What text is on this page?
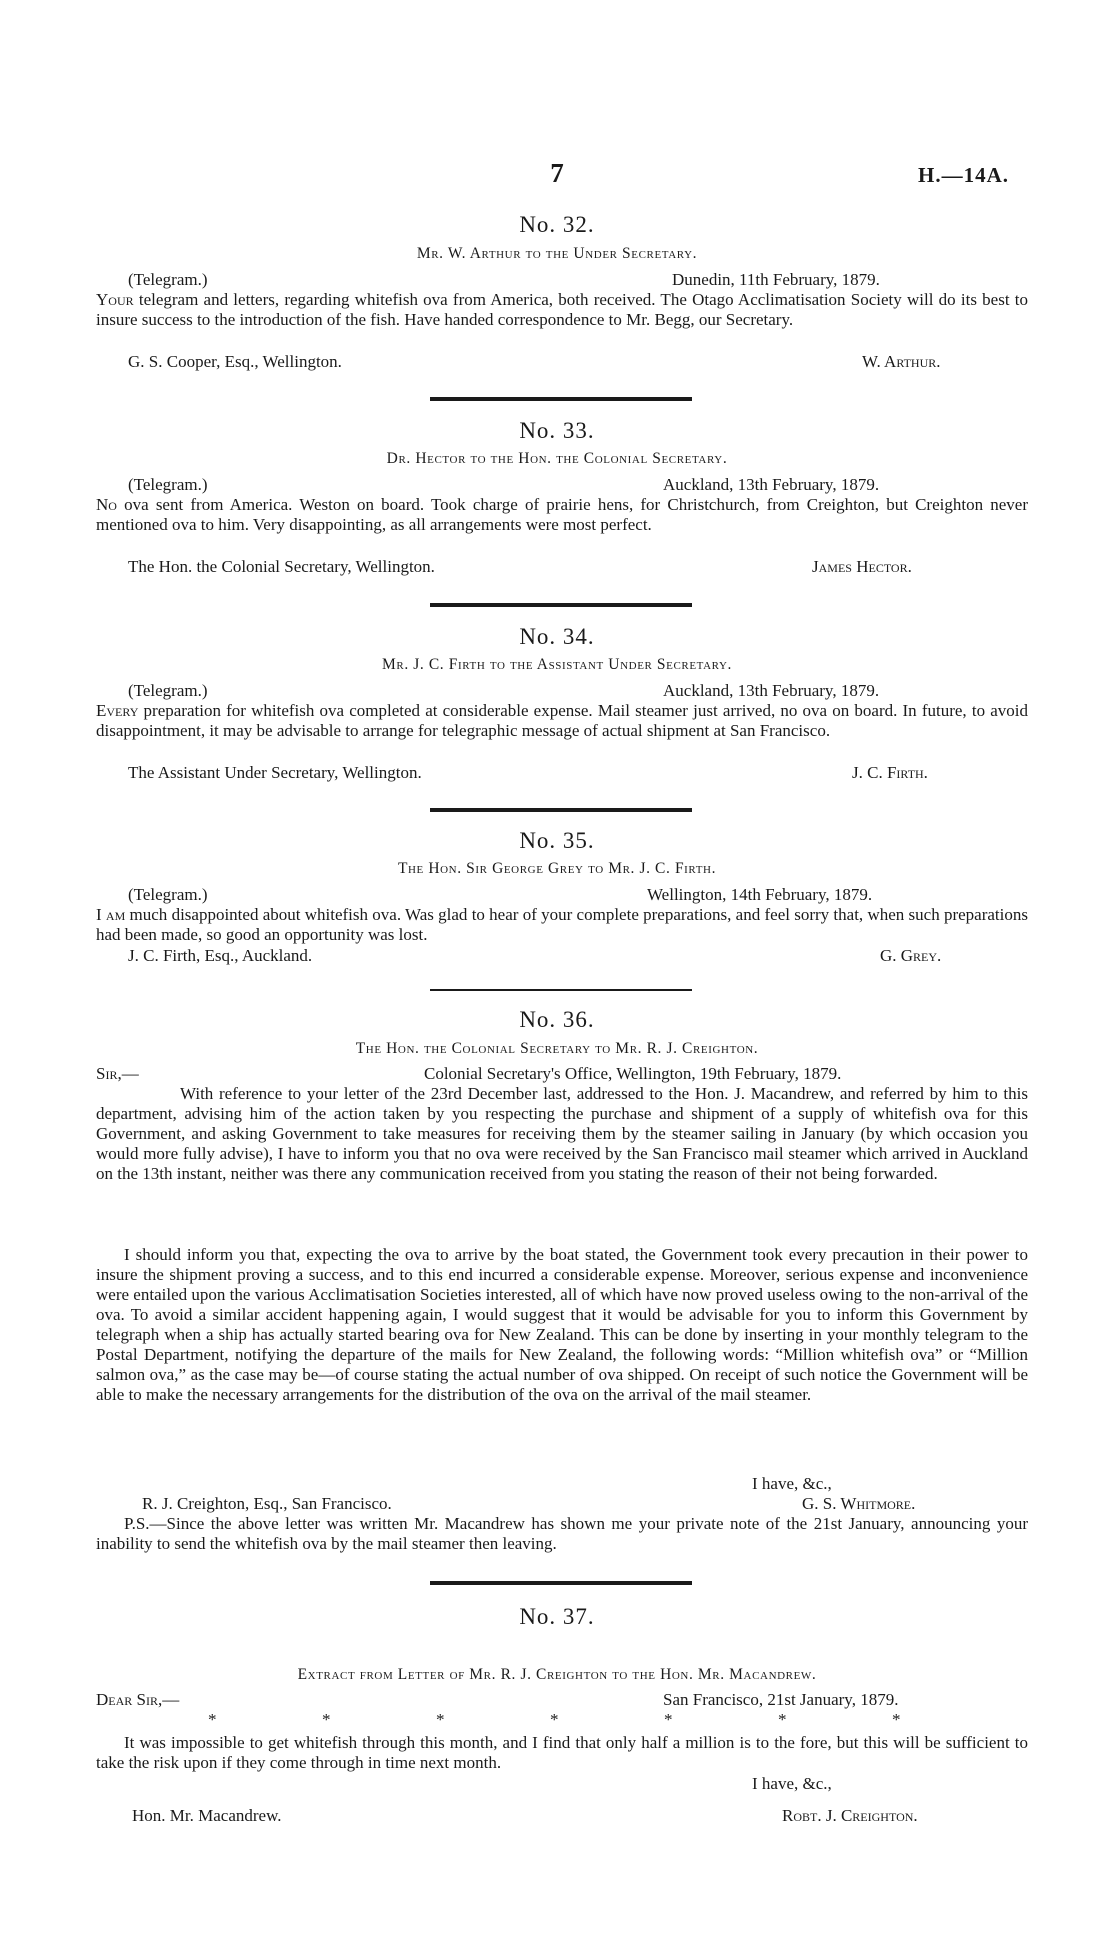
7	H.—14A.
No. 32.
Mr. W. Arthur to the Under Secretary.
(Telegram.)	Dunedin, 11th February, 1879.
Your telegram and letters, regarding whitefish ova from America, both received. The Otago Acclimatisation Society will do its best to insure success to the introduction of the fish. Have handed correspondence to Mr. Begg, our Secretary.
G. S. Cooper, Esq., Wellington.	W. Arthur.
No. 33.
Dr. Hector to the Hon. the Colonial Secretary.
(Telegram.)	Auckland, 13th February, 1879.
No ova sent from America. Weston on board. Took charge of prairie hens, for Christchurch, from Creighton, but Creighton never mentioned ova to him. Very disappointing, as all arrangements were most perfect.
The Hon. the Colonial Secretary, Wellington.	James Hector.
No. 34.
Mr. J. C. Firth to the Assistant Under Secretary.
(Telegram.)	Auckland, 13th February, 1879.
Every preparation for whitefish ova completed at considerable expense. Mail steamer just arrived, no ova on board. In future, to avoid disappointment, it may be advisable to arrange for telegraphic message of actual shipment at San Francisco.
The Assistant Under Secretary, Wellington.	J. C. Firth.
No. 35.
The Hon. Sir George Grey to Mr. J. C. Firth.
(Telegram.)	Wellington, 14th February, 1879.
I am much disappointed about whitefish ova. Was glad to hear of your complete preparations, and feel sorry that, when such preparations had been made, so good an opportunity was lost.
J. C. Firth, Esq., Auckland.	G. Grey.
No. 36.
The Hon. the Colonial Secretary to Mr. R. J. Creighton.
Sir,—	Colonial Secretary's Office, Wellington, 19th February, 1879.
With reference to your letter of the 23rd December last, addressed to the Hon. J. Macandrew, and referred by him to this department, advising him of the action taken by you respecting the purchase and shipment of a supply of whitefish ova for this Government, and asking Government to take measures for receiving them by the steamer sailing in January (by which occasion you would more fully advise), I have to inform you that no ova were received by the San Francisco mail steamer which arrived in Auckland on the 13th instant, neither was there any communication received from you stating the reason of their not being forwarded.
I should inform you that, expecting the ova to arrive by the boat stated, the Government took every precaution in their power to insure the shipment proving a success, and to this end incurred a considerable expense. Moreover, serious expense and inconvenience were entailed upon the various Acclimatisation Societies interested, all of which have now proved useless owing to the non-arrival of the ova. To avoid a similar accident happening again, I would suggest that it would be advisable for you to inform this Government by telegraph when a ship has actually started bearing ova for New Zealand. This can be done by inserting in your monthly telegram to the Postal Department, notifying the departure of the mails for New Zealand, the following words: “Million whitefish ova” or “Million salmon ova,” as the case may be—of course stating the actual number of ova shipped. On receipt of such notice the Government will be able to make the necessary arrangements for the distribution of the ova on the arrival of the mail steamer.
I have, &c.,
R. J. Creighton, Esq., San Francisco.	G. S. Whitmore.
P.S.—Since the above letter was written Mr. Macandrew has shown me your private note of the 21st January, announcing your inability to send the whitefish ova by the mail steamer then leaving.
No. 37.
Extract from Letter of Mr. R. J. Creighton to the Hon. Mr. Macandrew.
Dear Sir,—	San Francisco, 21st January, 1879.
*	*	*	*	*	*	*
It was impossible to get whitefish through this month, and I find that only half a million is to the fore, but this will be sufficient to take the risk upon if they come through in time next month.
I have, &c.,
Hon. Mr. Macandrew.	Robt. J. Creighton.
